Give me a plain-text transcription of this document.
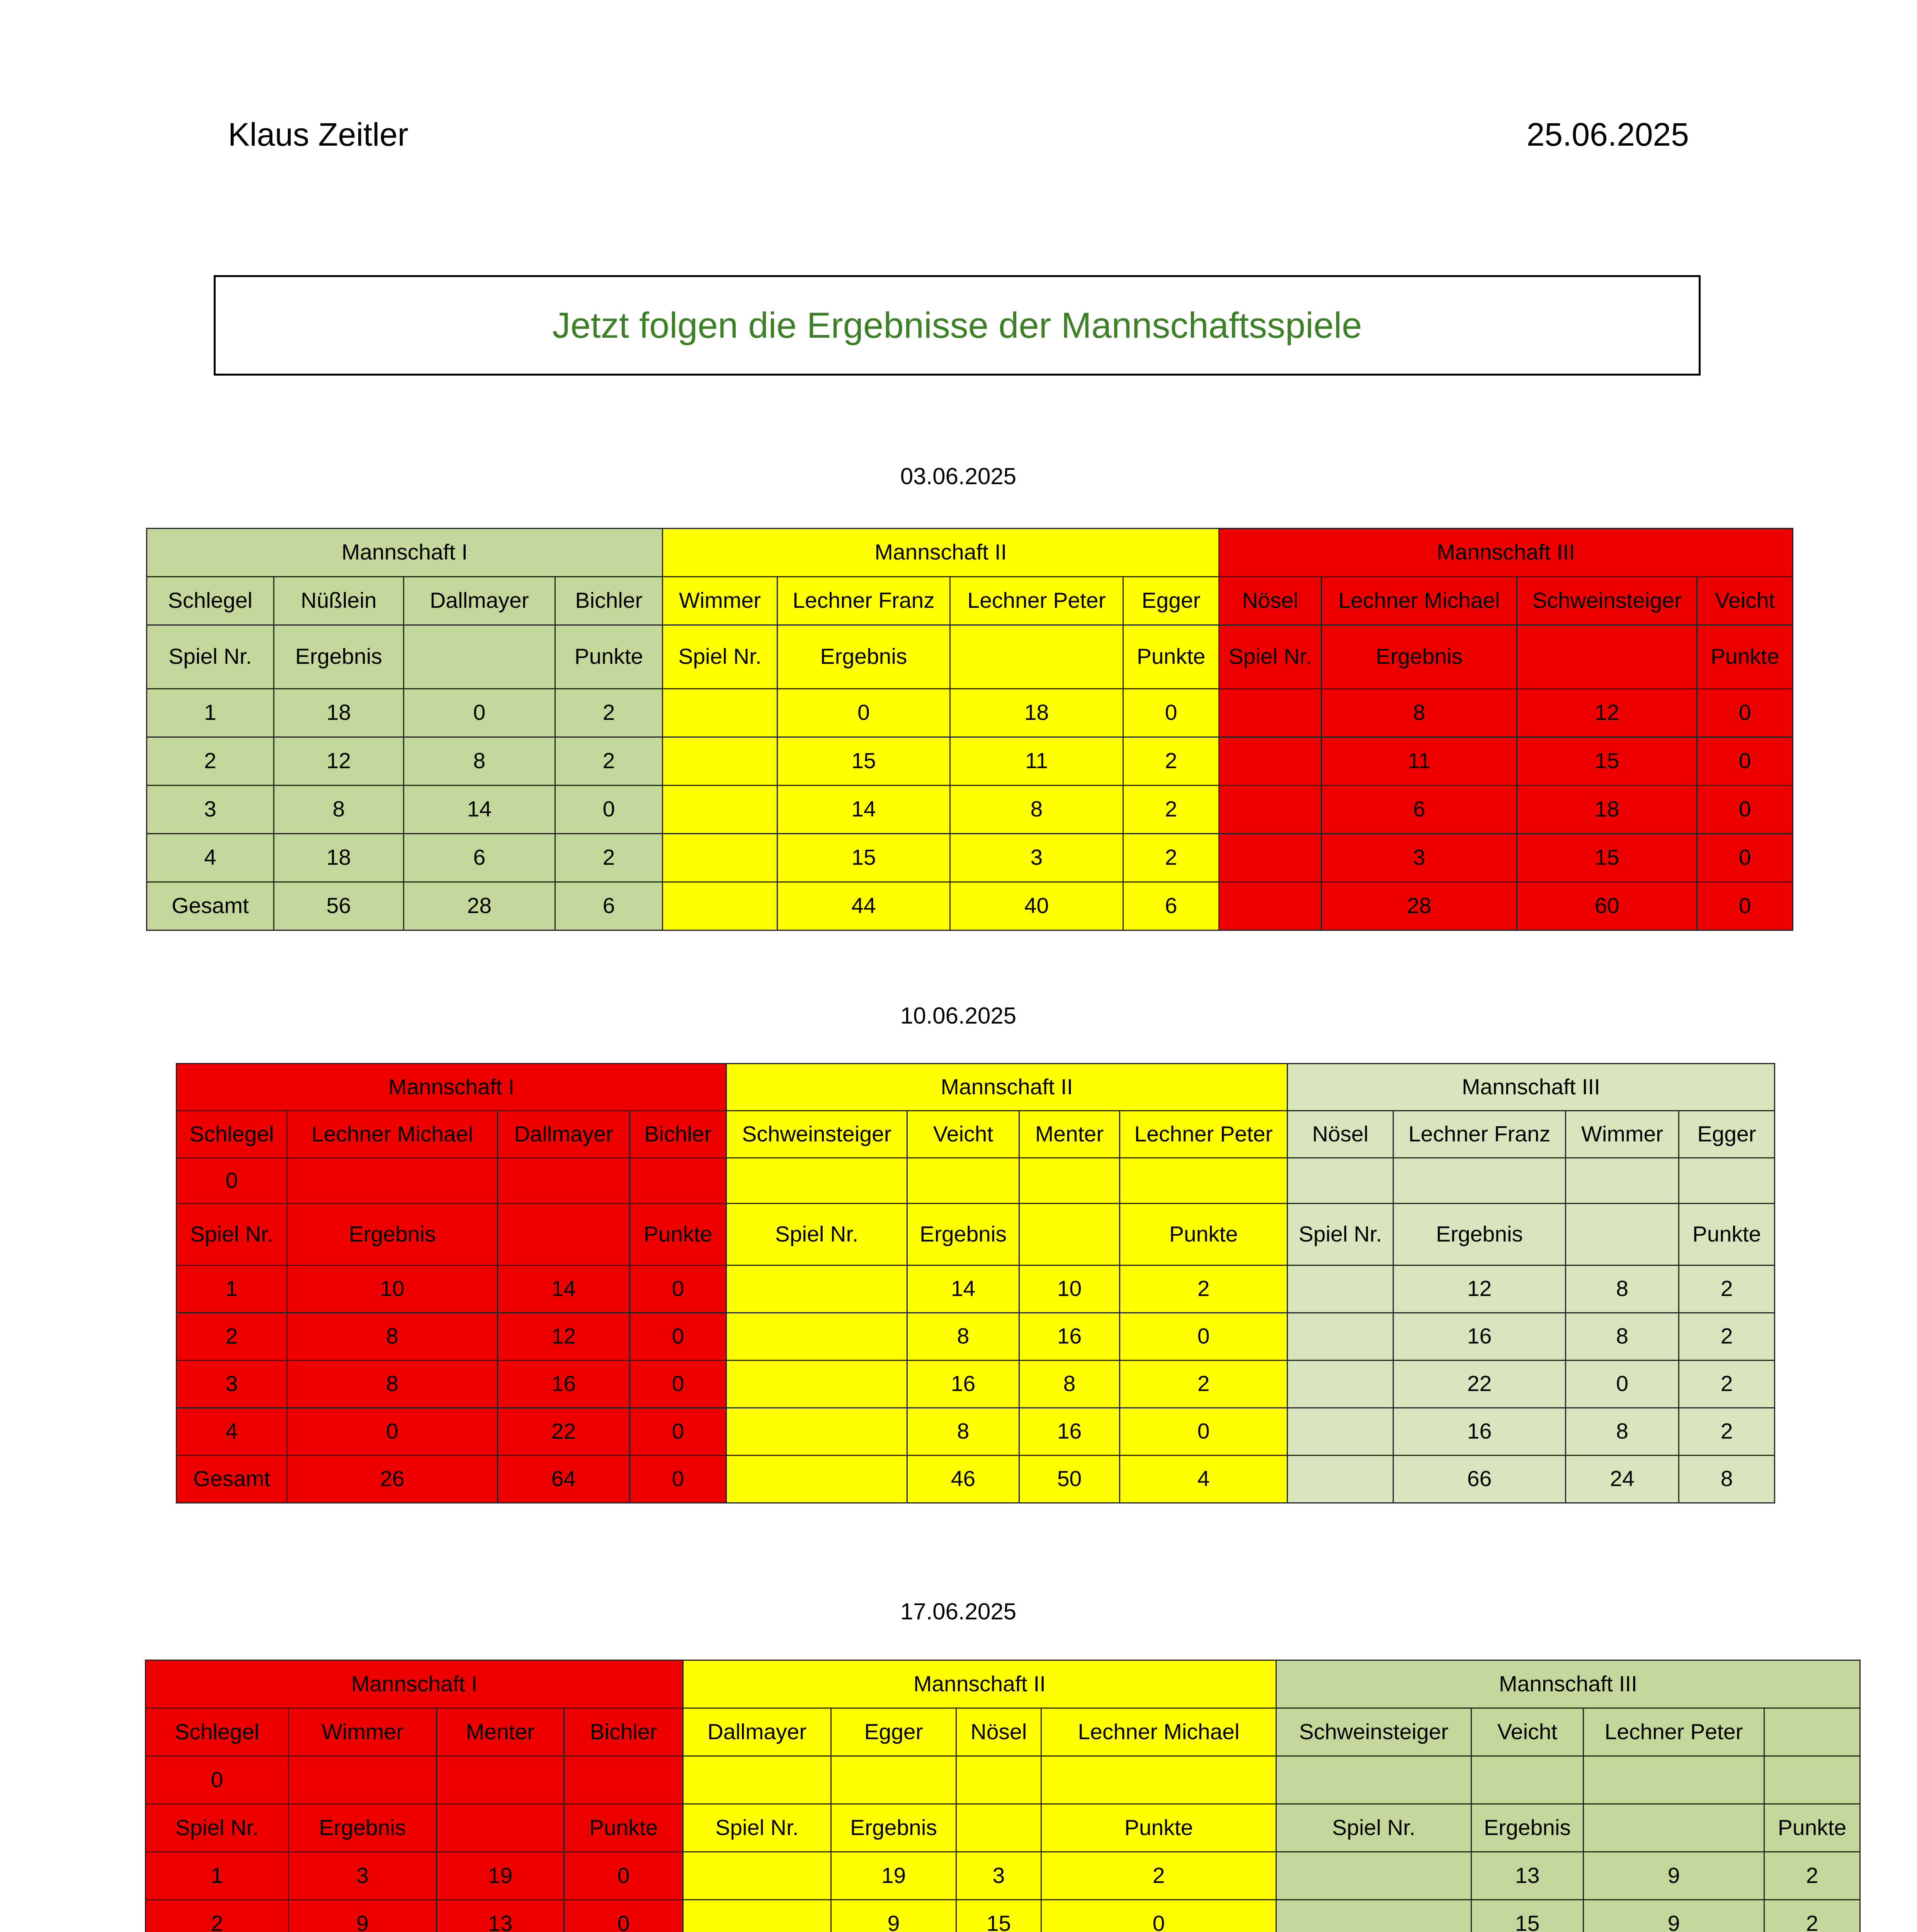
Klaus Zeitler	25.06.2025
Jetzt folgen die Ergebnisse der Mannschaftsspiele
03.06.2025
10.06.2025
17.06.2025
Mannschaft I				Mannschaft II				Mannschaft III			
Schlegel	Nüßlein	Dallmayer	Bichler	Wimmer	Lechner Franz	Lechner Peter	Egger	Nösel	Lechner Michael	Schweinsteiger	Veicht
Spiel Nr.	Ergebnis		Punkte	Spiel Nr.	Ergebnis		Punkte	Spiel Nr.	Ergebnis		Punkte
1	18	0	2		0	18	0		8	12	0
2	12	8	2		15	11	2		11	15	0
3	8	14	0		14	8	2		6	18	0
4	18	6	2		15	3	2		3	15	0
Gesamt	56	28	6		44	40	6		28	60	0
Mannschaft I				Mannschaft II				Mannschaft III			
Schlegel	Lechner Michael	Dallmayer	Bichler	Schweinsteiger	Veicht	Menter	Lechner Peter	Nösel	Lechner Franz	Wimmer	Egger
0											
Spiel Nr.	Ergebnis		Punkte	Spiel Nr.	Ergebnis		Punkte	Spiel Nr.	Ergebnis		Punkte
1	10	14	0		14	10	2		12	8	2
2	8	12	0		8	16	0		16	8	2
3	8	16	0		16	8	2		22	0	2
4	0	22	0		8	16	0		16	8	2
Gesamt	26	64	0		46	50	4		66	24	8
Mannschaft I				Mannschaft II				Mannschaft III			
Schlegel	Wimmer	Menter	Bichler	Dallmayer	Egger	Nösel	Lechner Michael	Schweinsteiger	Veicht	Lechner Peter	
0											
Spiel Nr.	Ergebnis		Punkte	Spiel Nr.	Ergebnis		Punkte	Spiel Nr.	Ergebnis		Punkte
1	3	19	0		19	3	2		13	9	2
2	9	13	0		9	15	0		15	9	2
